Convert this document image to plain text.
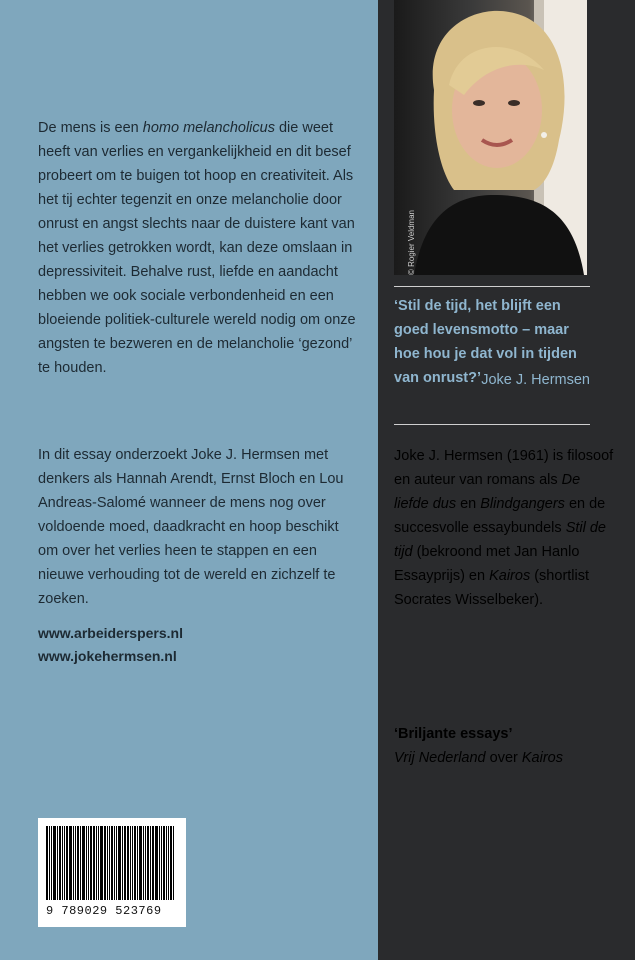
De mens is een homo melancholicus die weet heeft van verlies en vergankelijkheid en dit besef probeert om te buigen tot hoop en creativiteit. Als het tij echter tegenzit en onze melancholie door onrust en angst slechts naar de duistere kant van het verlies getrokken wordt, kan deze omslaan in depressiviteit. Behalve rust, liefde en aandacht hebben we ook sociale verbondenheid en een bloeiende politiek-culturele wereld nodig om onze angsten te bezweren en de melancholie ‘gezond’ te houden.

In dit essay onderzoekt Joke J. Hermsen met denkers als Hannah Arendt, Ernst Bloch en Lou Andreas-Salomé wanneer de mens nog over voldoende moed, daadkracht en hoop beschikt om over het verlies heen te stappen en een nieuwe verhouding tot de wereld en zichzelf te zoeken.

www.arbeiderspers.nl
www.jokehermsen.nl
9 789029 523769
© Rogier Veldman

‘Stil de tijd, het blijft een goed levensmotto – maar hoe hou je dat vol in tijden van onrust?’ Joke J. Hermsen

Joke J. Hermsen (1961) is filosoof en auteur van romans als De liefde dus en Blindgangers en de succesvolle essaybundels Stil de tijd (bekroond met Jan Hanlo Essayprijs) en Kairos (shortlist Socrates Wisselbeker).

‘Briljante essays’
Vrij Nederland over Kairos
